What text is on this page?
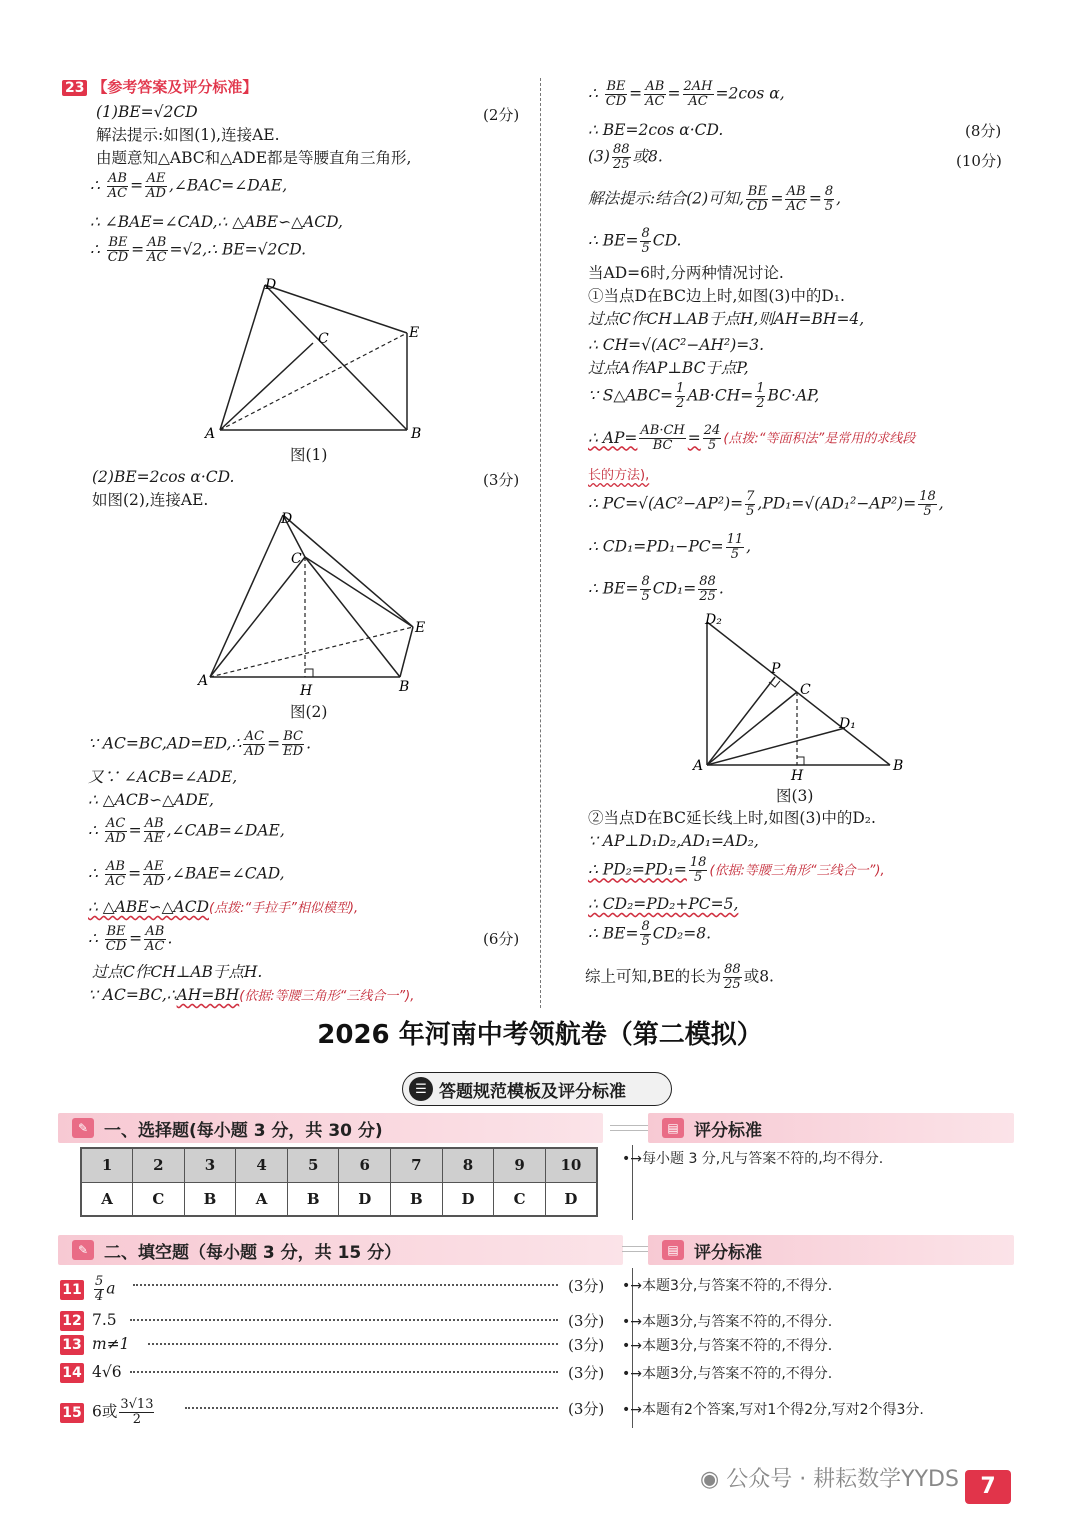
23 【参考答案及评分标准】
(1)BE=√2CD	(2分)
解法提示:如图(1),连接AE.
由题意知△ABC和△ADE都是等腰直角三角形,
∴ $\frac{AB}{AC} = \frac{AE}{AD}$ ,∠BAC=∠DAE,
∴ ∠BAE=∠CAD,∴ △ABE∽△ACD,
∴ $\frac{BE}{CD} = \frac{AB}{AC}$ =√2,∴ BE=√2CD.
A	B
D
E
C
图(1)
(2)BE=2cos α·CD.	(3分)
如图(2),连接AE.
A	B
D
C
E
H
图(2)
∵ AC=BC,AD=ED,∴ $\frac{AC}{AD} = \frac{BC}{ED}$ .
又∵ ∠ACB=∠ADE,
∴ △ACB∽△ADE,
∴ $\frac{AC}{AD} = \frac{AB}{AE}$ ,∠CAB=∠DAE,
∴ $\frac{AB}{AC} = \frac{AE}{AD}$ ,∠BAE=∠CAD,
∴ △ABE∽△ACD(点拨:“手拉手”相似模型),
∴ $\frac{BE}{CD} = \frac{AB}{AC}$ .	(6分)
过点C作CH⊥AB于点H.
∵ AC=BC,∴AH=BH(依据:等腰三角形“三线合一”),
∴ $\frac{BE}{CD} = \frac{AB}{AC} = \frac{2AH}{AC} =2\cos$ α,
∴ BE=2cos α·CD.	(8分)
$(3) \frac{88}{25}$ 或8.	(10分)
解法提示:结合(2)可知, $\frac{BE}{CD} = \frac{AB}{AC} = \frac{8}{5}$ ,
∴ $BE= \frac{8}{5}$ CD.
当AD=6时,分两种情况讨论.
①当点D在BC边上时,如图(3)中的D₁.
过点C作CH⊥AB于点H,则AH=BH=4,
∴ CH=√(AC²−AH²)=3.
过点A作AP⊥BC于点P,
∵ S△ABC= $\frac{1}{2} AB\cdot CH= \frac{1}{2} BC\cdot AP$,
∴ $AP= \frac{AB\cdot CH}{BC} = \frac{24}{5}$ (点拨:“等面积法”是常用的求线段
长的方法),
∴ $PC=√(AC^2-AP^2)= \frac{7}{5} ,PD_1=√(AD_1^2-AP^2)= \frac{18}{5}$ ,
∴ $CD_1=PD_1-PC= \frac{11}{5}$ ,
∴ $BE= \frac{8}{5} CD_1= \frac{88}{25}$ .
A	B
D₂
P
C
D₁
H
图(3)
②当点D在BC延长线上时,如图(3)中的D₂.
∵ AP⊥D₁D₂,AD₁=AD₂,
∴ $PD_2=PD_1= \frac{18}{5}$ (依据:等腰三角形“三线合一”),
∴ CD₂=PD₂+PC=5,
∴ $BE= \frac{8}{5} CD_2=8$.
综上可知,BE的长为 $\frac{88}{25}$ 或8.
2026 年河南中考领航卷（第二模拟）
☰ 答题规范模板及评分标准
✎ 一、选择题(每小题 3 分，共 30 分)	▤ 评分标准
1	2	3	4	5	6	7	8	9	10
A	C	B	A	B	D	B	D	C	D
•→每小题 3 分,凡与答案不符的,均不得分.
✎ 二、填空题（每小题 3 分，共 15 分）	▤ 评分标准
$11 \frac{5}{4}$ a	(3分) •→本题3分,与答案不符的,不得分.
12 7.5	(3分) •→本题3分,与答案不符的,不得分.
13 m≠1	(3分) •→本题3分,与答案不符的,不得分.
14 4√6	(3分) •→本题3分,与答案不符的,不得分.
15 6或 $\frac{3√13}{2}$	(3分) •→本题有2个答案,写对1个得2分,写对2个得3分.
7
◉ 公众号 · 耕耘数学YYDS
